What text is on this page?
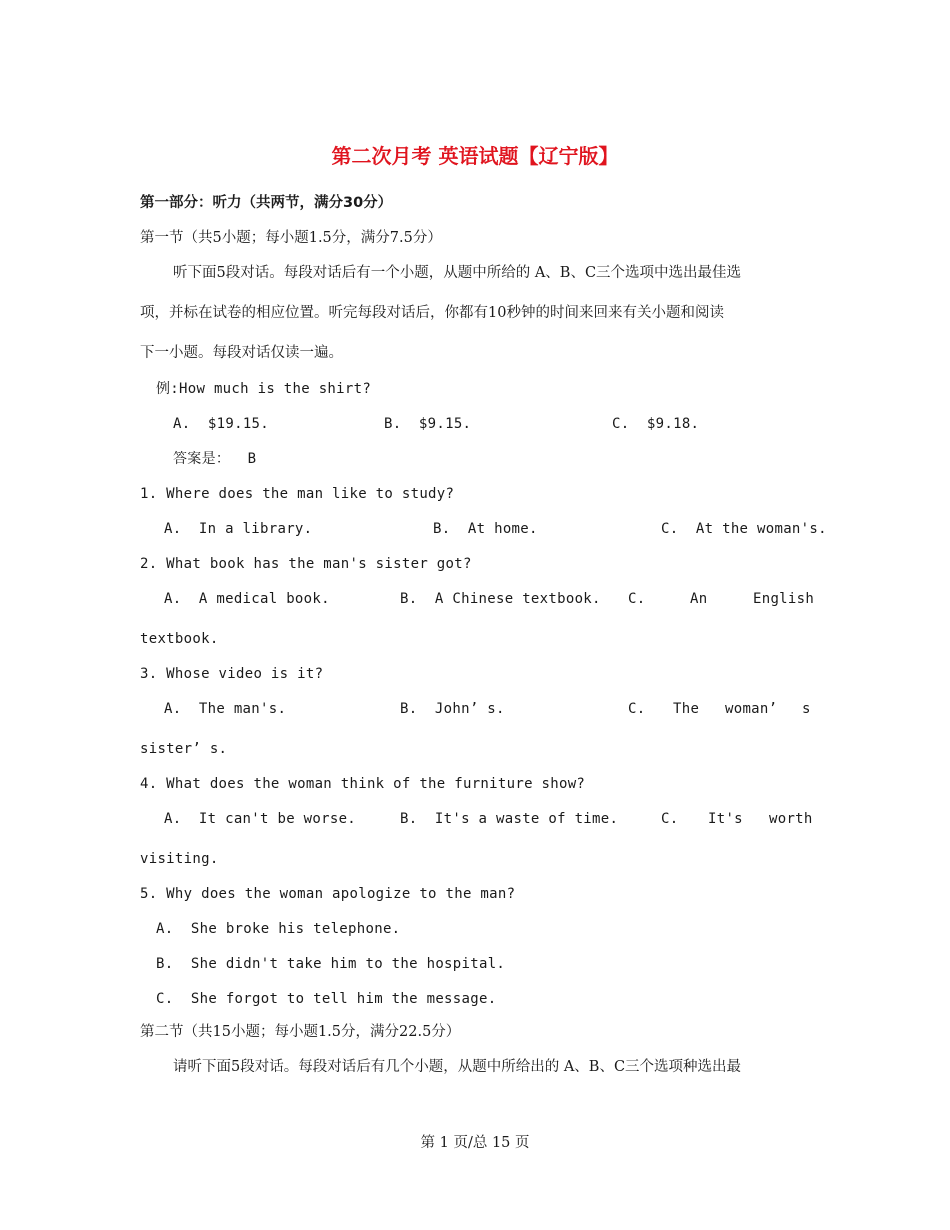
第二次月考 英语试题【辽宁版】
第一部分：听力（共两节，满分30分）
第一节（共5小题；每小题1.5分，满分7.5分）
听下面5段对话。每段对话后有一个小题，从题中所给的 A、B、C三个选项中选出最佳选
项，并标在试卷的相应位置。听完每段对话后，你都有10秒钟的时间来回来有关小题和阅读
下一小题。每段对话仅读一遍。
例:How much is the shirt?
A.  $19.15.	B.  $9.15.	C.  $9.18.
答案是：  B
1. Where does the man like to study?
A.  In a library.	B.  At home.	C.  At the woman's.
2. What book has the man's sister got?
A.  A medical book.	B.  A Chinese textbook. C.	An	English
textbook.
3. Whose video is it?
A.  The man's.	B.  John’ s.	C. The woman’ s
sister’ s.
4. What does the woman think of the furniture show?
A.  It can't be worse.	B.  It's a waste of time.	C. It's worth
visiting.
5. Why does the woman apologize to the man?
A.  She broke his telephone.
B.  She didn't take him to the hospital.
C.  She forgot to tell him the message.
第二节（共15小题；每小题1.5分，满分22.5分）
请听下面5段对话。每段对话后有几个小题，从题中所给出的 A、B、C三个选项种选出最
第 1 页/总 15 页
